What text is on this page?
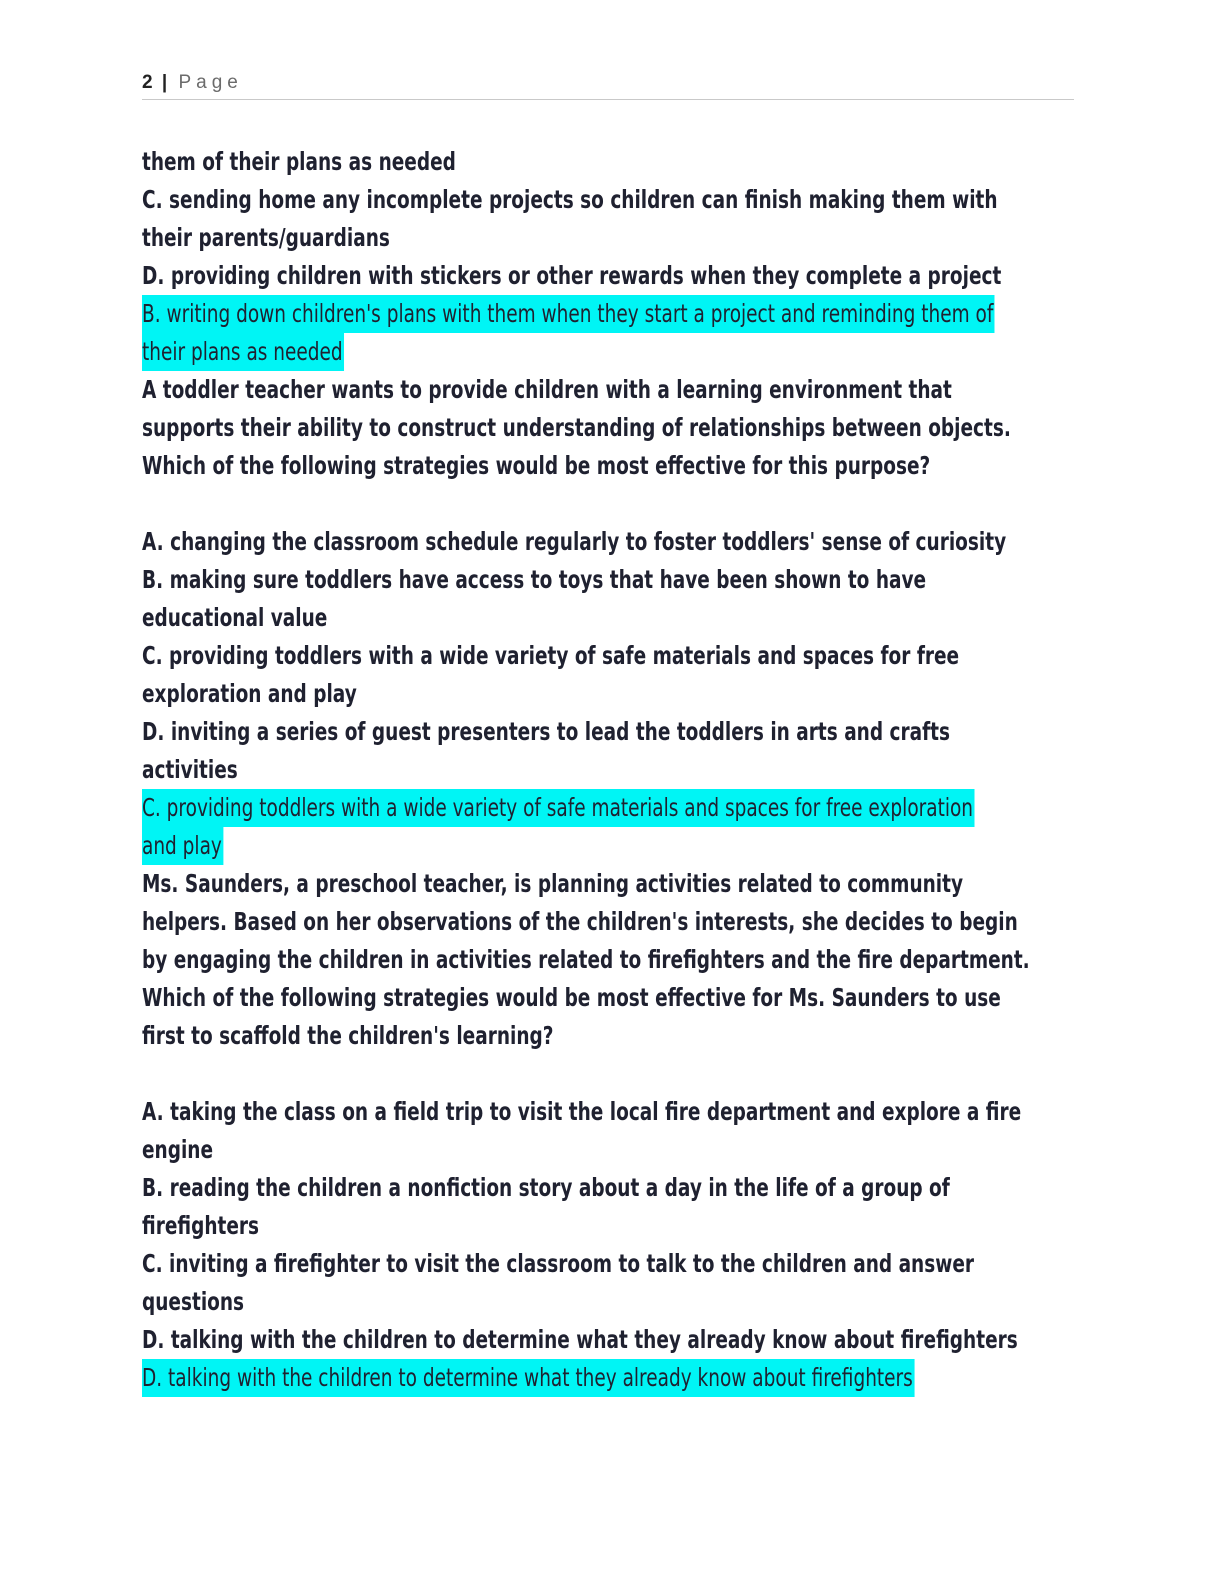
2 | Page
them of their plans as needed
C. sending home any incomplete projects so children can finish making them with
their parents/guardians
D. providing children with stickers or other rewards when they complete a project
B. writing down children's plans with them when they start a project and reminding them of
their plans as needed
A toddler teacher wants to provide children with a learning environment that
supports their ability to construct understanding of relationships between objects.
Which of the following strategies would be most effective for this purpose?
A. changing the classroom schedule regularly to foster toddlers' sense of curiosity
B. making sure toddlers have access to toys that have been shown to have
educational value
C. providing toddlers with a wide variety of safe materials and spaces for free
exploration and play
D. inviting a series of guest presenters to lead the toddlers in arts and crafts
activities
C. providing toddlers with a wide variety of safe materials and spaces for free exploration
and play
Ms. Saunders, a preschool teacher, is planning activities related to community
helpers. Based on her observations of the children's interests, she decides to begin
by engaging the children in activities related to firefighters and the fire department.
Which of the following strategies would be most effective for Ms. Saunders to use
first to scaffold the children's learning?
A. taking the class on a field trip to visit the local fire department and explore a fire
engine
B. reading the children a nonfiction story about a day in the life of a group of
firefighters
C. inviting a firefighter to visit the classroom to talk to the children and answer
questions
D. talking with the children to determine what they already know about firefighters
D. talking with the children to determine what they already know about firefighters
